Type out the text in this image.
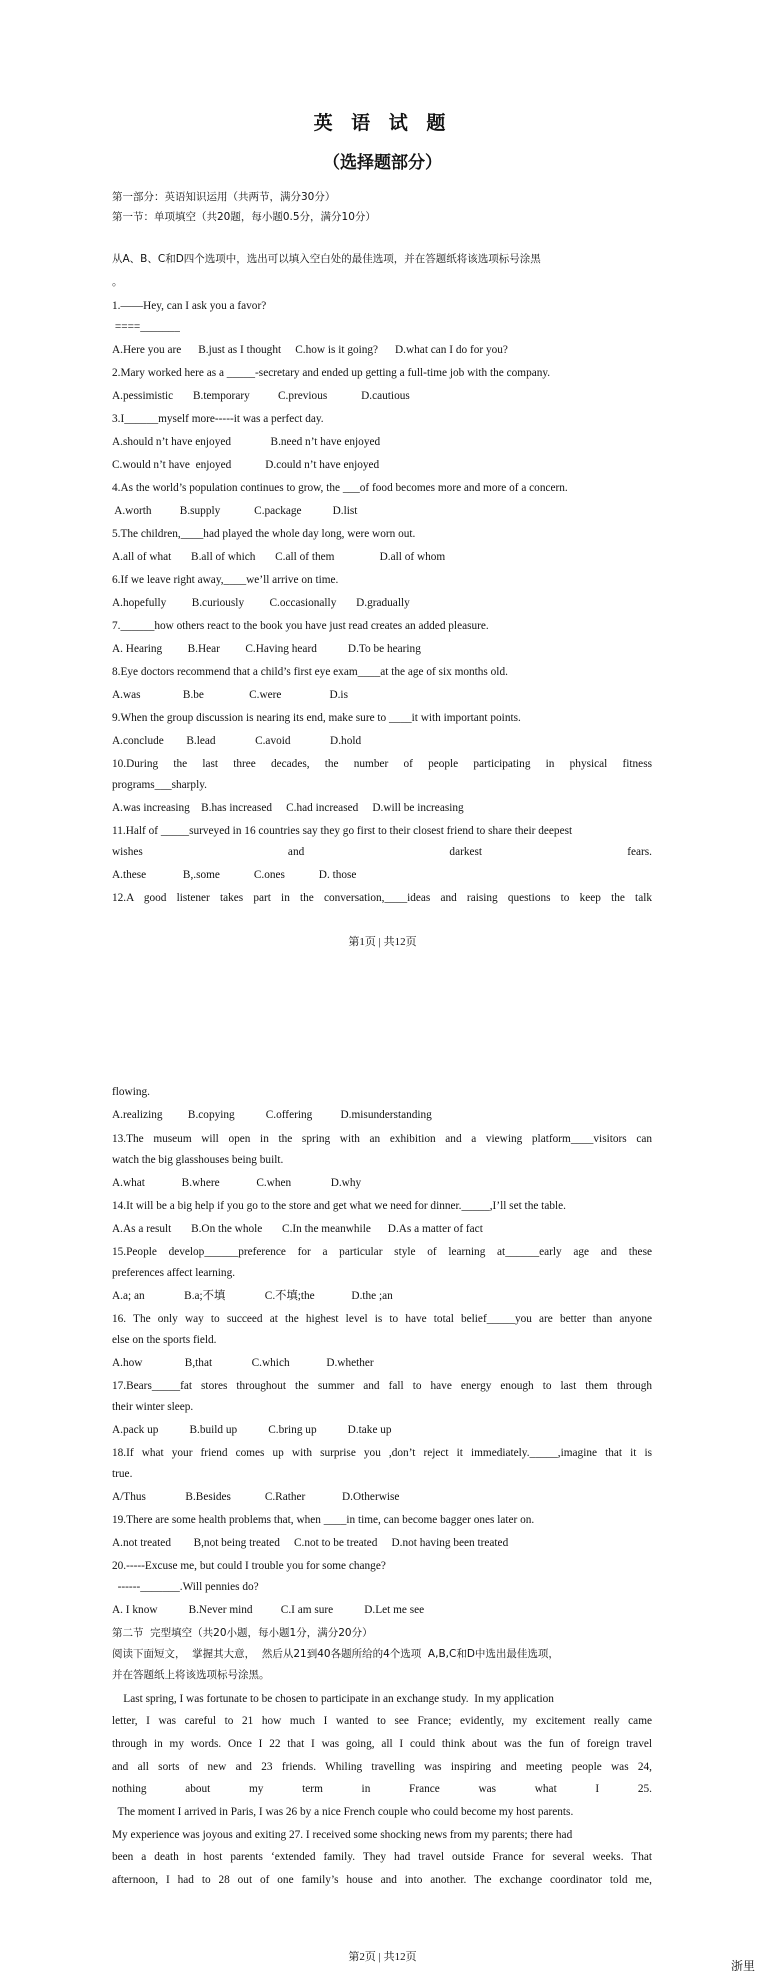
英 语 试 题
（选择题部分）
第一部分：英语知识运用（共两节，满分30分）
第一节：单项填空（共20题，每小题0.5分，满分10分）
从A、B、C和D四个选项中，选出可以填入空白处的最佳选项，并在答题纸将该选项标号涂黑
。
1.——Hey, can I ask you a favor?
====_______
A.Here you are      B.just as I thought     C.how is it going?      D.what can I do for you?
2.Mary worked here as a _____-secretary and ended up getting a full-time job with the company.
A.pessimistic       B.temporary          C.previous            D.cautious
3.I______myself more-----it was a perfect day.
A.should n’t have enjoyed              B.need n’t have enjoyed
C.would n’t have  enjoyed            D.could n’t have enjoyed
4.As the world’s population continues to grow, the ___of food becomes more and more of a concern.
A.worth          B.supply            C.package           D.list
5.The children,____had played the whole day long, were worn out.
A.all of what       B.all of which       C.all of them                D.all of whom
6.If we leave right away,____we’ll arrive on time.
A.hopefully         B.curiously         C.occasionally       D.gradually
7.______how others react to the book you have just read creates an added pleasure.
A. Hearing         B.Hear         C.Having heard           D.To be hearing
8.Eye doctors recommend that a child’s first eye exam____at the age of six months old.
A.was               B.be                C.were                 D.is
9.When the group discussion is nearing its end, make sure to ____it with important points.
A.conclude        B.lead              C.avoid              D.hold
10.During the last three decades, the number of people participating in physical fitness
programs___sharply.
A.was increasing    B.has increased     C.had increased     D.will be increasing
11.Half of _____surveyed in 16 countries say they go first to their closest friend to share their deepest
wishes and darkest fears.
A.these             B,.some            C.ones            D. those
12.A good listener takes part in the conversation,____ideas and raising questions to keep the talk
第1页 | 共12页
flowing.
A.realizing         B.copying           C.offering          D.misunderstanding
13.The museum will open in the spring with an exhibition and a viewing platform____visitors can
watch the big glasshouses being built.
A.what             B.where             C.when              D.why
14.It will be a big help if you go to the store and get what we need for dinner._____,I’ll set the table.
A.As a result       B.On the whole       C.In the meanwhile      D.As a matter of fact
15.People develop______preference for a particular style of learning at______early age and these
preferences affect learning.
A.a; an              B.a;不填              C.不填;the             D.the ;an
16. The only way to succeed at the highest level is to have total belief_____you are better than anyone
else on the sports field.
A.how               B,that              C.which             D.whether
17.Bears_____fat stores throughout the summer and fall to have energy enough to last them through
their winter sleep.
A.pack up           B.build up           C.bring up           D.take up
18.If what your friend comes up with surprise you ,don’t reject it immediately._____,imagine that it is
true.
A/Thus              B.Besides            C.Rather             D.Otherwise
19.There are some health problems that, when ____in time, can become bagger ones later on.
A.not treated        B,not being treated     C.not to be treated     D.not having been treated
20.-----Excuse me, but could I trouble you for some change?
------_______.Will pennies do?
A. I know           B.Never mind          C.I am sure           D.Let me see
第二节  完型填空（共20小题，每小题1分，满分20分）
阅读下面短文，  掌握其大意，  然后从21到40各题所给的4个选项  A,B,C和D中选出最佳选项，
并在答题纸上将该选项标号涂黑。
Last spring, I was fortunate to be chosen to participate in an exchange study.  In my application
letter, I was careful to 21 how much I wanted to see France; evidently, my excitement really came
through in my words. Once I 22 that I was going, all I could think about was the fun of foreign travel
and all sorts of new and 23 friends. Whiling travelling was inspiring and meeting people was 24,
nothing about my term in France was what I 25.
The moment I arrived in Paris, I was 26 by a nice French couple who could become my host parents.
My experience was joyous and exiting 27. I received some shocking news from my parents; there had
been a death in host parents ‘extended family. They had travel outside France for several weeks. That
afternoon, I had to 28 out of one family’s house and into another. The exchange coordinator told me,
第2页 | 共12页
浙里
